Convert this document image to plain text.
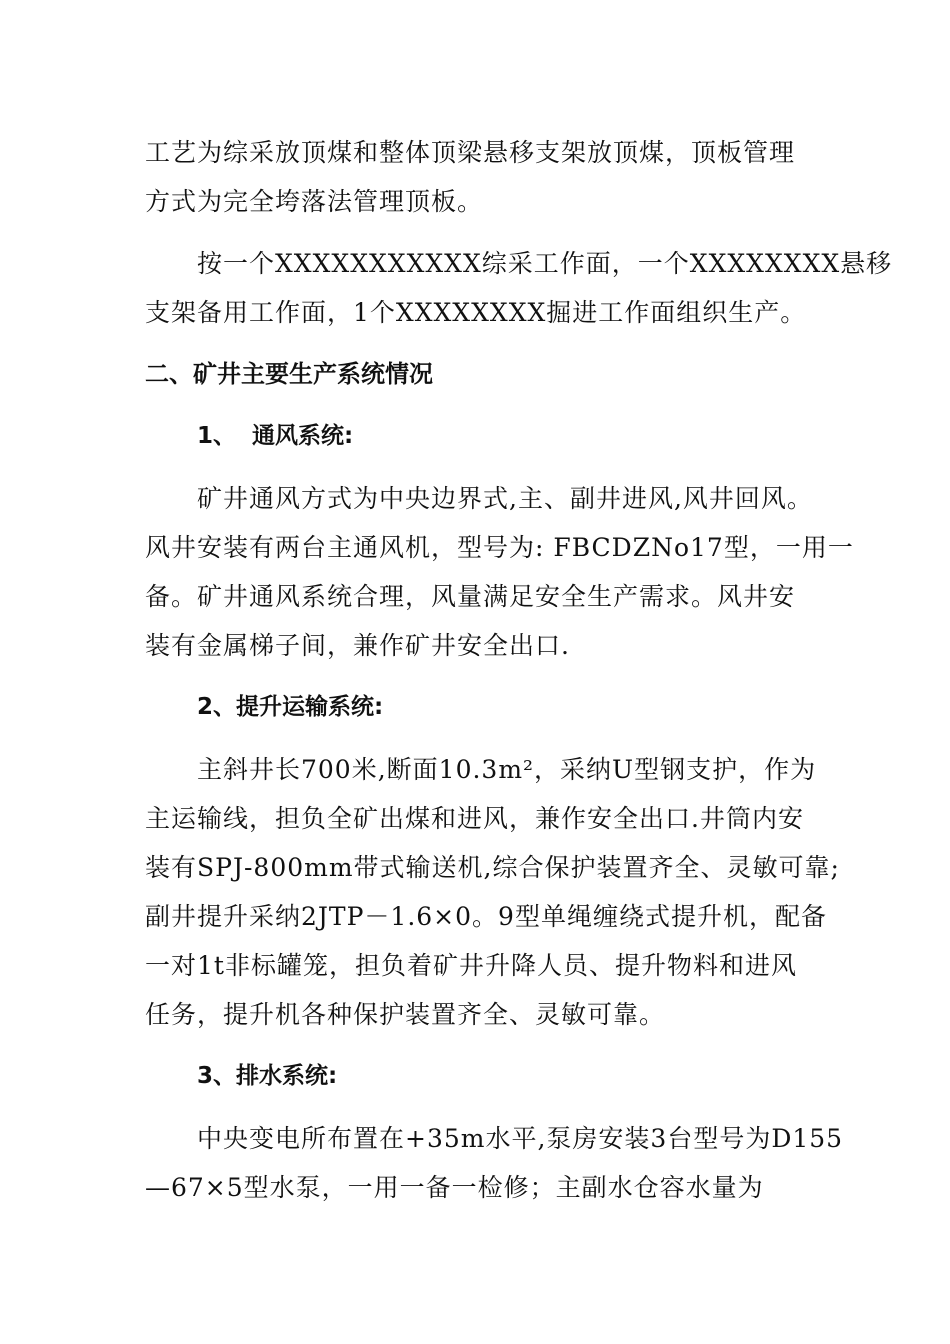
工艺为综采放顶煤和整体顶梁悬移支架放顶煤，顶板管理
方式为完全垮落法管理顶板。
按一个XXXXXXXXXXX综采工作面，一个XXXXXXXX悬移
支架备用工作面，1个XXXXXXXX掘进工作面组织生产。
二、矿井主要生产系统情况
1、  通风系统:
矿井通风方式为中央边界式,主、副井进风,风井回风。
风井安装有两台主通风机，型号为: FBCDZNo17型，一用一
备。矿井通风系统合理，风量满足安全生产需求。风井安
装有金属梯子间，兼作矿井安全出口.
2、提升运输系统:
主斜井长700米,断面10.3m²，采纳U型钢支护，作为
主运输线，担负全矿出煤和进风，兼作安全出口.井筒内安
装有SPJ-800mm带式输送机,综合保护装置齐全、灵敏可靠;
副井提升采纳2JTP－1.6×0。9型单绳缠绕式提升机，配备
一对1t非标罐笼，担负着矿井升降人员、提升物料和进风
任务，提升机各种保护装置齐全、灵敏可靠。
3、排水系统:
中央变电所布置在+35m水平,泵房安装3台型号为D155
—67×5型水泵，一用一备一检修；主副水仓容水量为
